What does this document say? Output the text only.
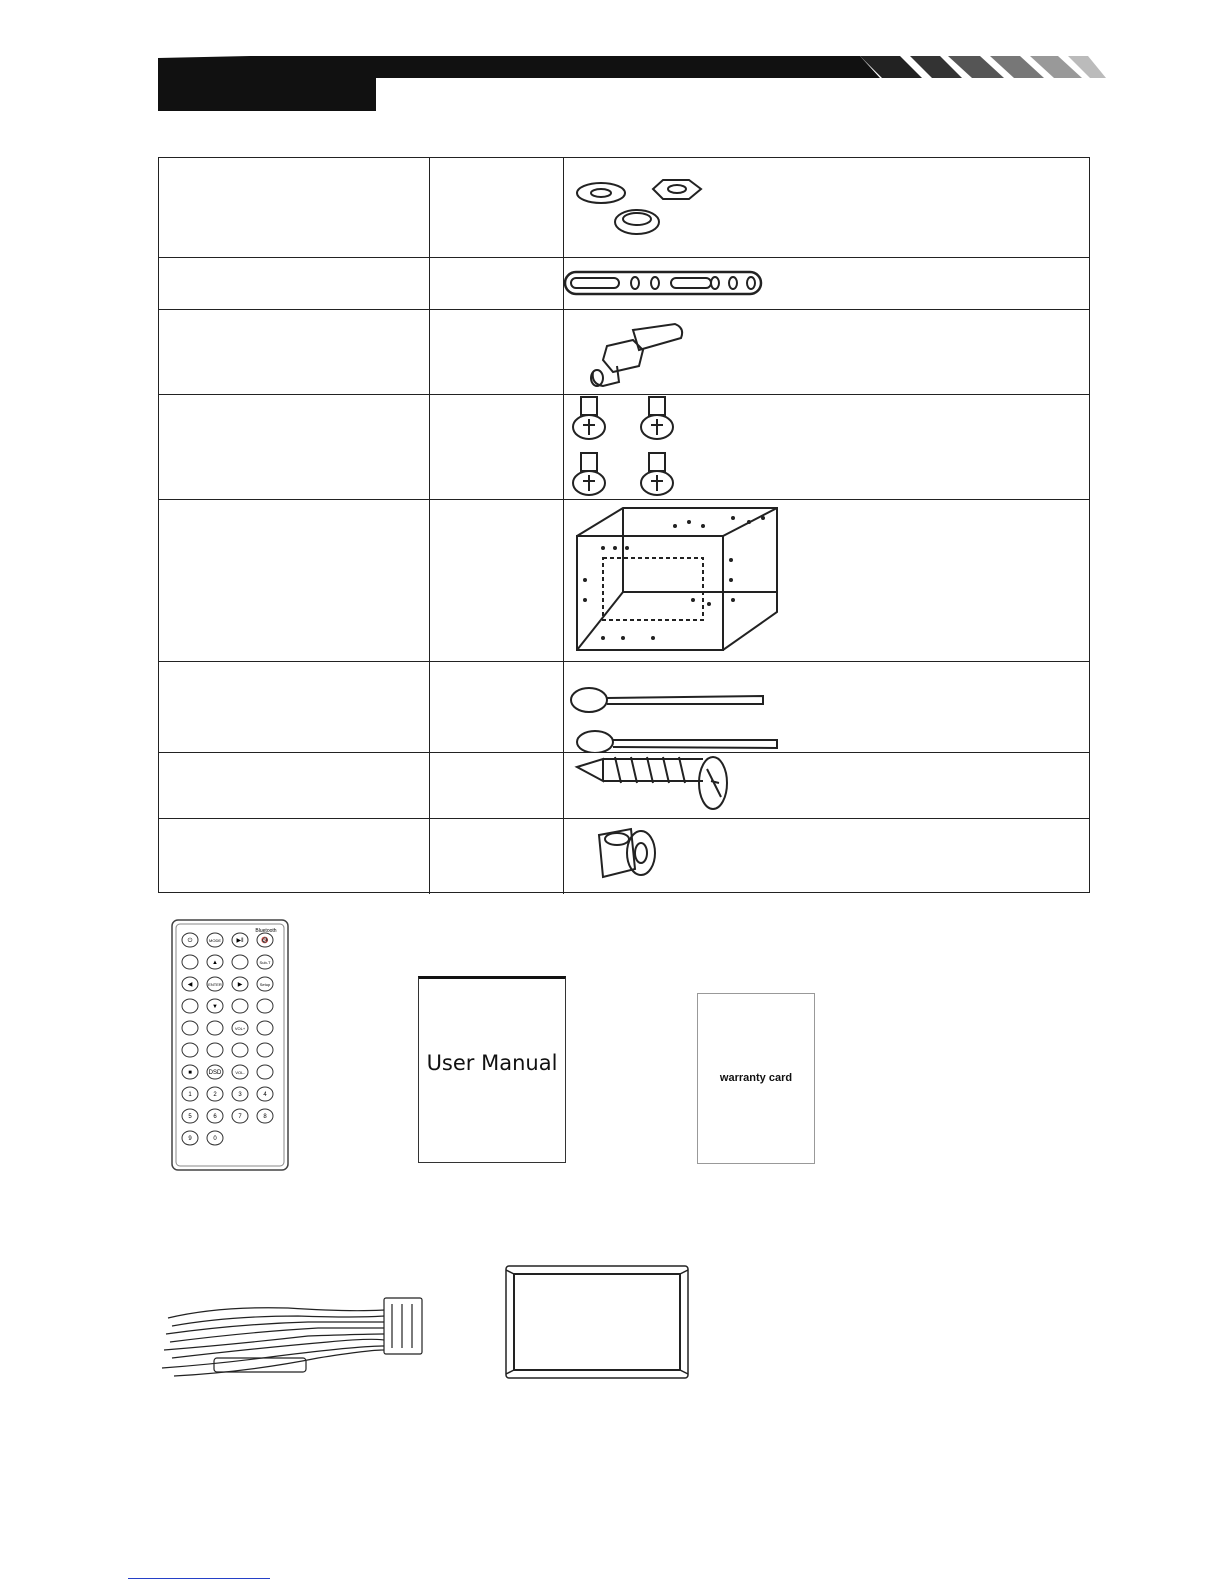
Bluetooth
⏻	MODE	▶‖	🔇
▲	Sub-T
◀	ENTER	▶	Setup
▼
VOL+
■	DSD	VOL-
1	2	3	4
5	6	7	8
9	0
User Manual
warranty card
